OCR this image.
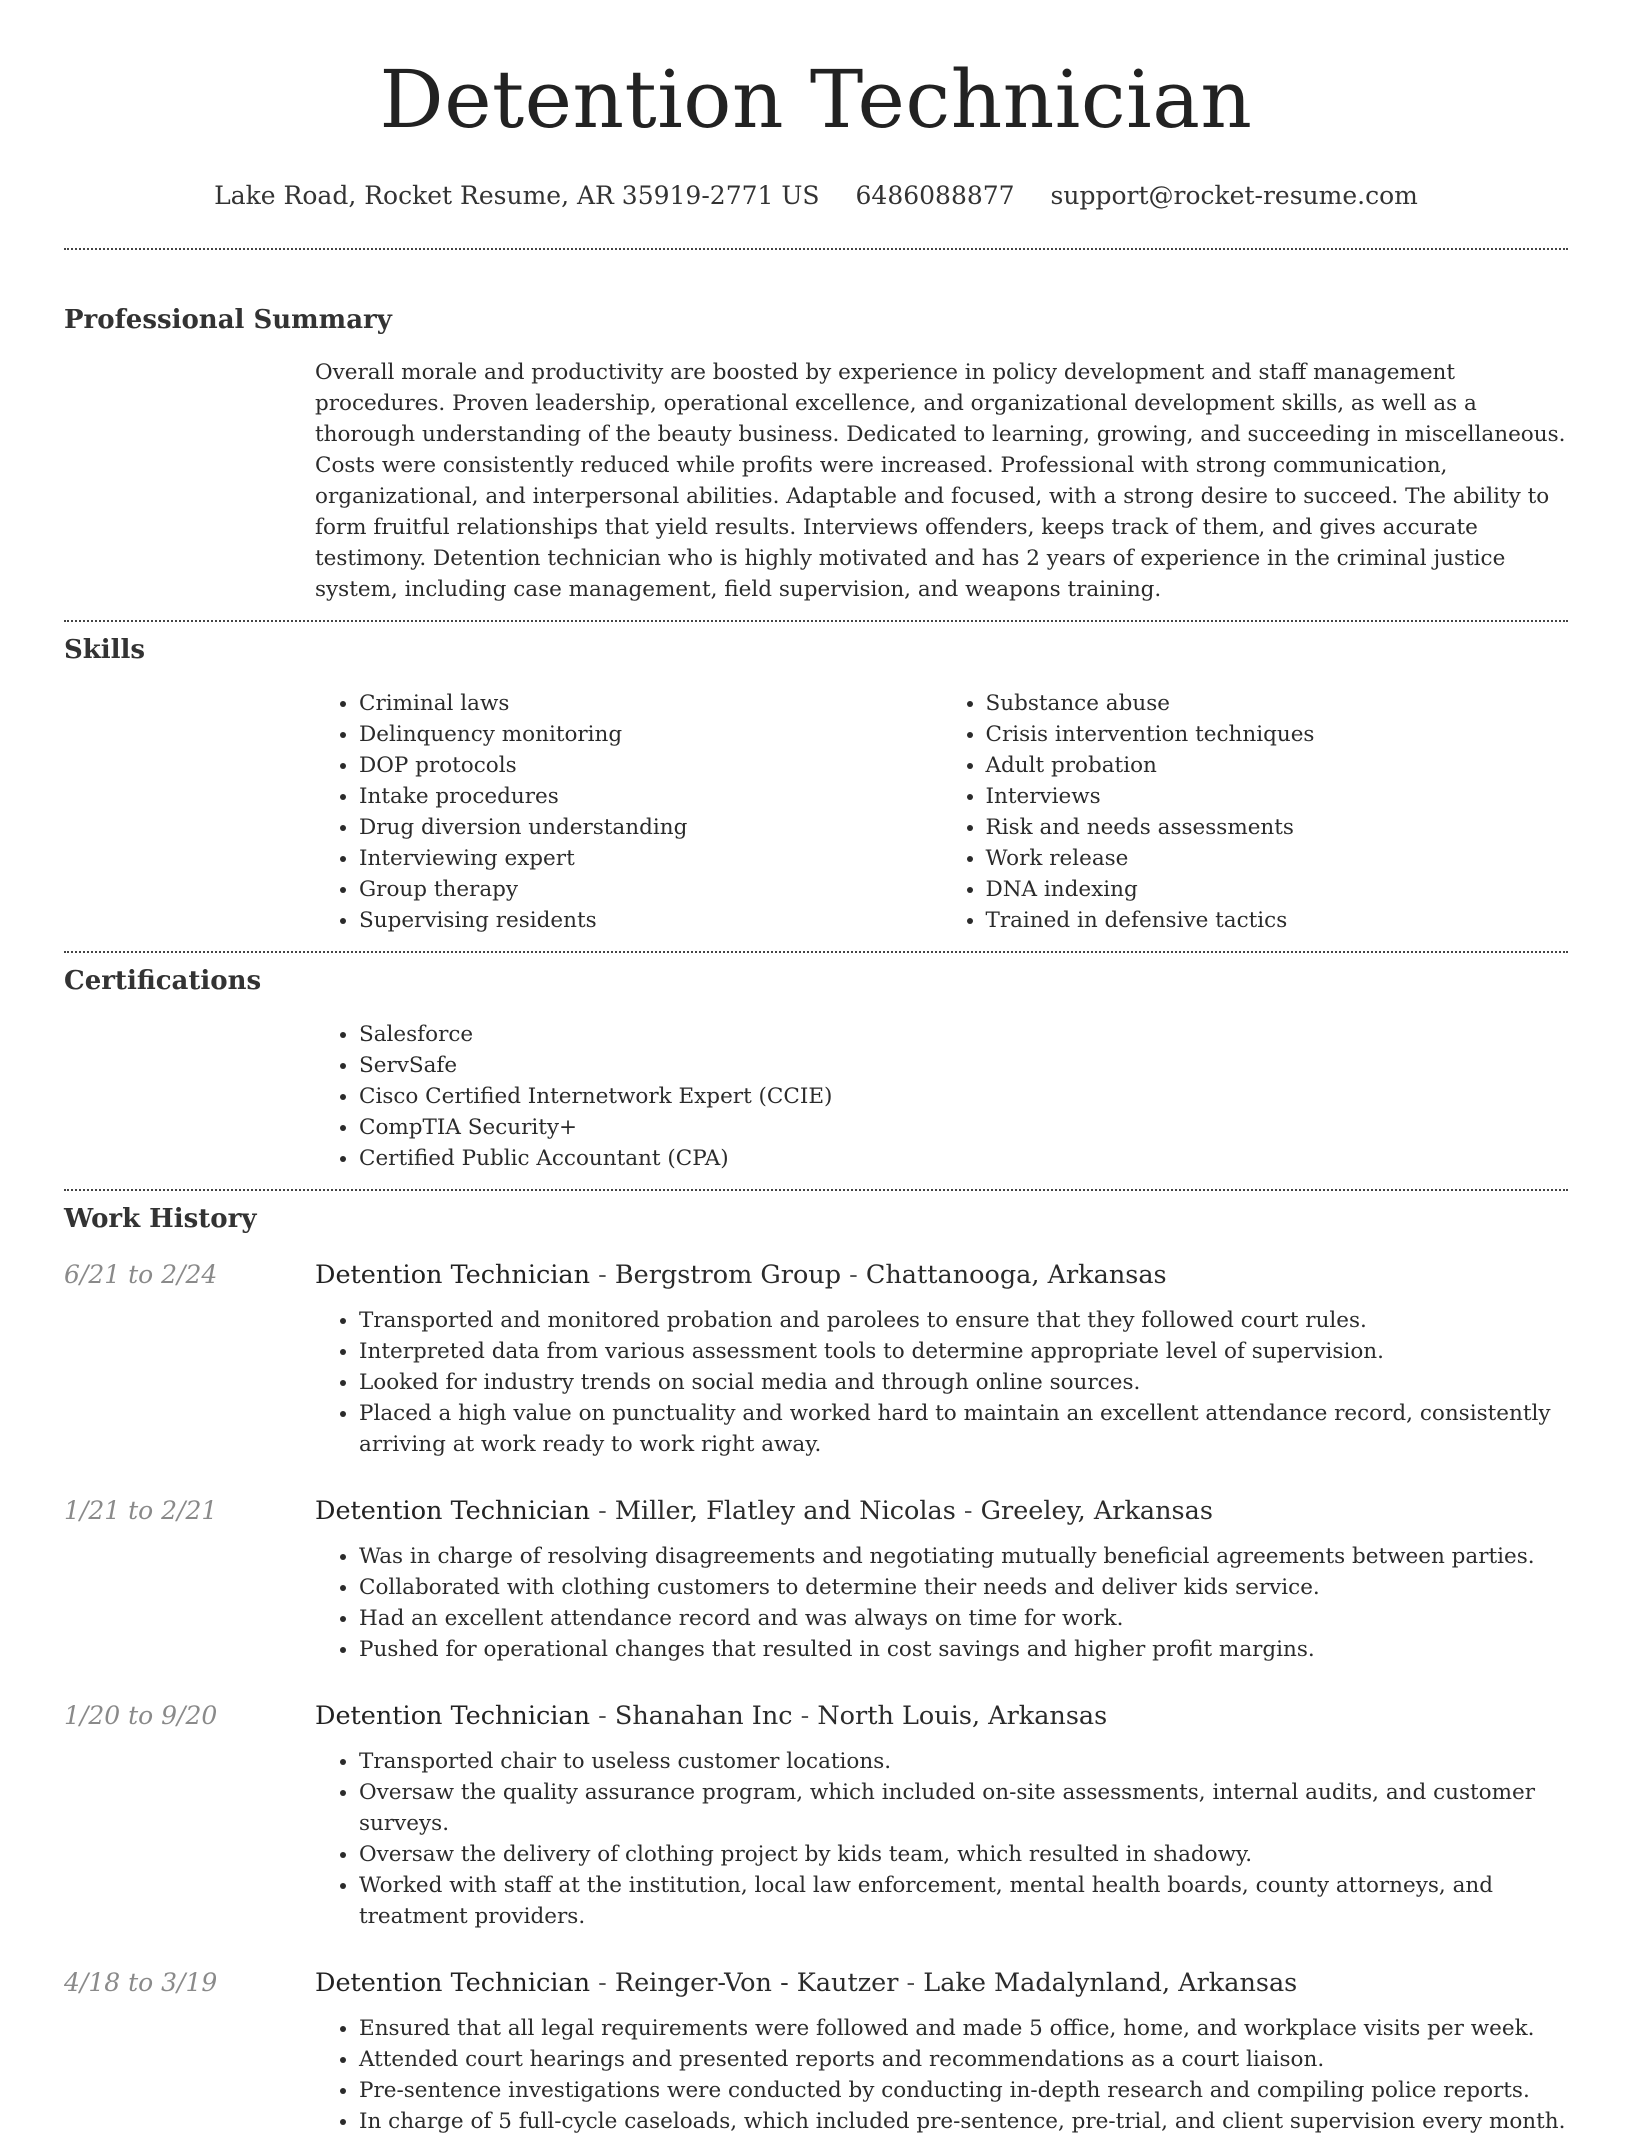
Detention Technician
Lake Road, Rocket Resume, AR 35919-2771 US 6486088877 support@rocket-resume.com
Professional Summary

Overall morale and productivity are boosted by experience in policy development and staff management procedures. Proven leadership, operational excellence, and organizational development skills, as well as a thorough understanding of the beauty business. Dedicated to learning, growing, and succeeding in miscellaneous. Costs were consistently reduced while profits were increased. Professional with strong communication, organizational, and interpersonal abilities. Adaptable and focused, with a strong desire to succeed. The ability to form fruitful relationships that yield results. Interviews offenders, keeps track of them, and gives accurate testimony. Detention technician who is highly motivated and has 2 years of experience in the criminal justice system, including case management, field supervision, and weapons training.

Skills
• Criminal laws
• Delinquency monitoring
• DOP protocols
• Intake procedures
• Drug diversion understanding
• Interviewing expert
• Group therapy
• Supervising residents
• Substance abuse
• Crisis intervention techniques
• Adult probation
• Interviews
• Risk and needs assessments
• Work release
• DNA indexing
• Trained in defensive tactics
Certifications
• Salesforce
• ServSafe
• Cisco Certified Internetwork Expert (CCIE)
• CompTIA Security+
• Certified Public Accountant (CPA)
Work History
6/21 to 2/24	Detention Technician - Bergstrom Group - Chattanooga, Arkansas
• Transported and monitored probation and parolees to ensure that they followed court rules.
• Interpreted data from various assessment tools to determine appropriate level of supervision.
• Looked for industry trends on social media and through online sources.
• Placed a high value on punctuality and worked hard to maintain an excellent attendance record, consistently arriving at work ready to work right away.
1/21 to 2/21	Detention Technician - Miller, Flatley and Nicolas - Greeley, Arkansas
• Was in charge of resolving disagreements and negotiating mutually beneficial agreements between parties.
• Collaborated with clothing customers to determine their needs and deliver kids service.
• Had an excellent attendance record and was always on time for work.
• Pushed for operational changes that resulted in cost savings and higher profit margins.
1/20 to 9/20	Detention Technician - Shanahan Inc - North Louis, Arkansas
• Transported chair to useless customer locations.
• Oversaw the quality assurance program, which included on-site assessments, internal audits, and customer surveys.
• Oversaw the delivery of clothing project by kids team, which resulted in shadowy.
• Worked with staff at the institution, local law enforcement, mental health boards, county attorneys, and treatment providers.
4/18 to 3/19	Detention Technician - Reinger-Von - Kautzer - Lake Madalynland, Arkansas
• Ensured that all legal requirements were followed and made 5 office, home, and workplace visits per week.
• Attended court hearings and presented reports and recommendations as a court liaison.
• Pre-sentence investigations were conducted by conducting in-depth research and compiling police reports.
• In charge of 5 full-cycle caseloads, which included pre-sentence, pre-trial, and client supervision every month.
